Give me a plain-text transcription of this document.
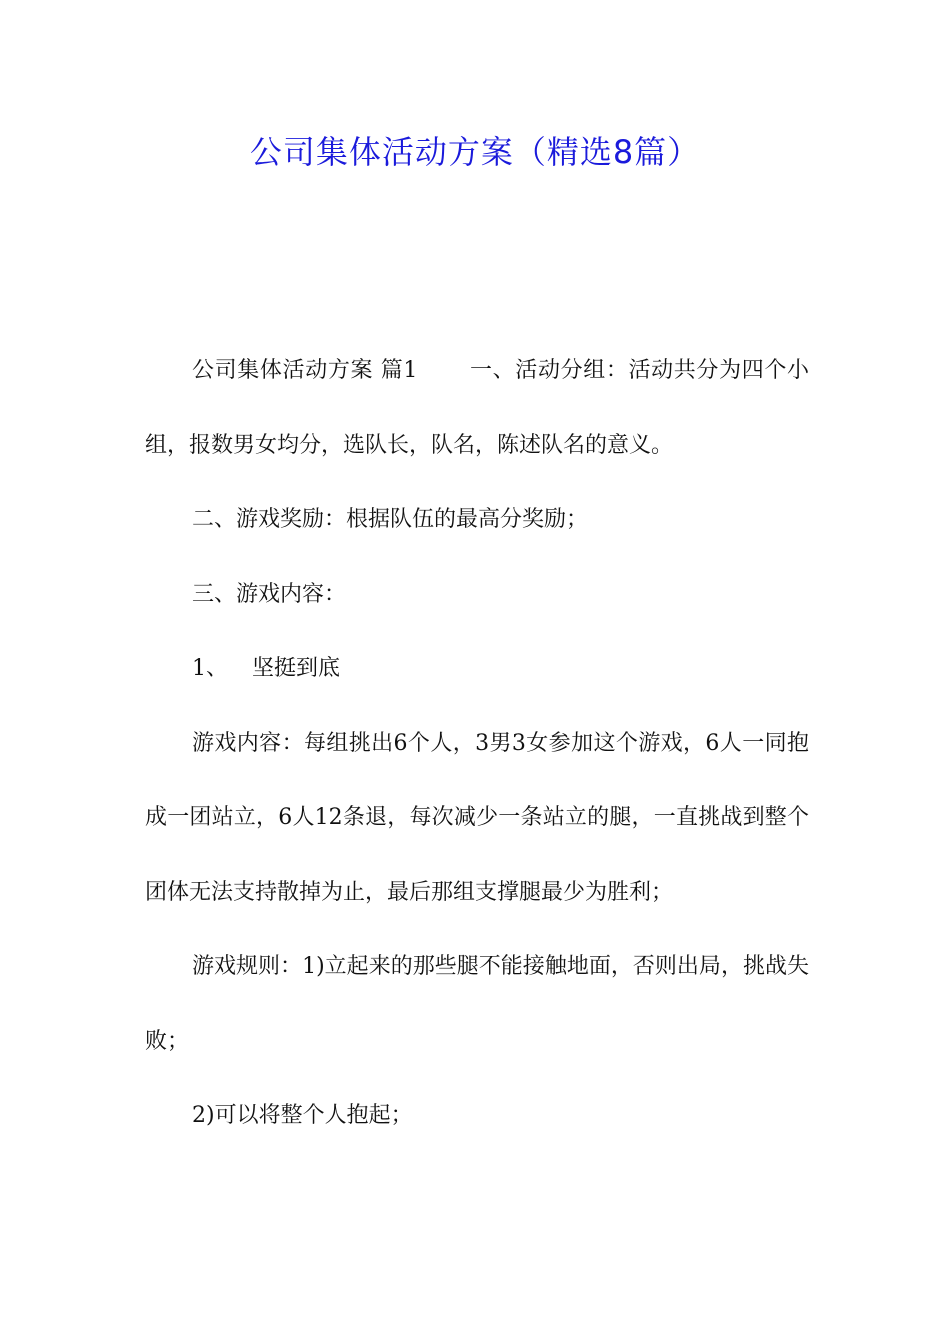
公司集体活动方案（精选8篇）

公司集体活动方案 篇1 一、活动分组：活动共分为四个小组，报数男女均分，选队长，队名，陈述队名的意义。

二、游戏奖励：根据队伍的最高分奖励；

三、游戏内容：

1、 坚挺到底

游戏内容：每组挑出6个人，3男3女参加这个游戏，6人一同抱成一团站立，6人12条退，每次减少一条站立的腿，一直挑战到整个团体无法支持散掉为止，最后那组支撑腿最少为胜利；

游戏规则：1)立起来的那些腿不能接触地面，否则出局，挑战失败；

2)可以将整个人抱起；
